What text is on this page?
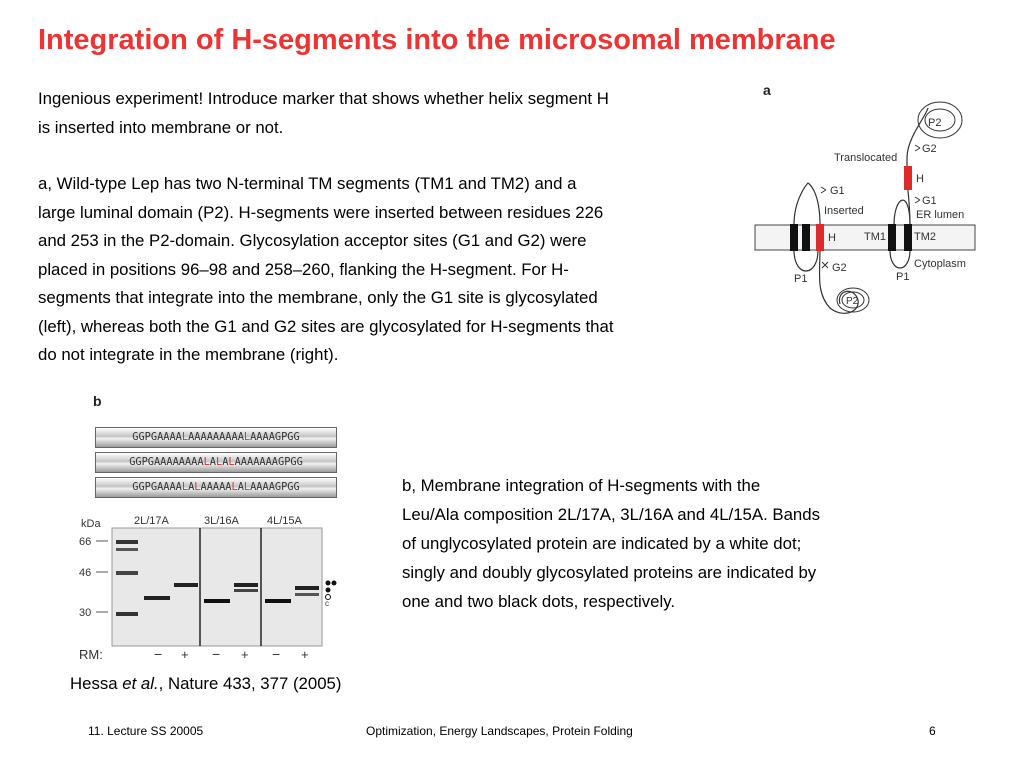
Integration of H-segments into the microsomal membrane
Ingenious experiment! Introduce marker that shows whether helix segment H
is inserted into membrane or not.
a, Wild-type Lep has two N-terminal TM segments (TM1 and TM2) and a
large luminal domain (P2). H-segments were inserted between residues 226
and 253 in the P2-domain. Glycosylation acceptor sites (G1 and G2) were
placed in positions 96–98 and 258–260, flanking the H-segment. For H-
segments that integrate into the membrane, only the G1 site is glycosylated
(left), whereas both the G1 and G2 sites are glycosylated for H-segments that
do not integrate in the membrane (right).
a
P2
G2
Translocated
H
G1
ER lumen
G1
Inserted
H	TM1	TM2
P1
G2
P1
Cytoplasm
P2
b
kDa
66
46
30
2L/17A	3L/16A	4L/15A
c
RM:	− + − + − +
GGPGAAAALAAAAAAAAALAAAAGPGG
GGPGAAAAAAAALALALAAAAAAAGPGG
GGPGAAAALALAAAAALALAAAAGPGG	b, Membrane integration of H-segments with the
Leu/Ala composition 2L/17A, 3L/16A and 4L/15A. Bands
of unglycosylated protein are indicated by a white dot;
singly and doubly glycosylated proteins are indicated by
one and two black dots, respectively.
Hessa et al., Nature 433, 377 (2005)
11. Lecture SS 20005	Optimization, Energy Landscapes, Protein Folding	6
